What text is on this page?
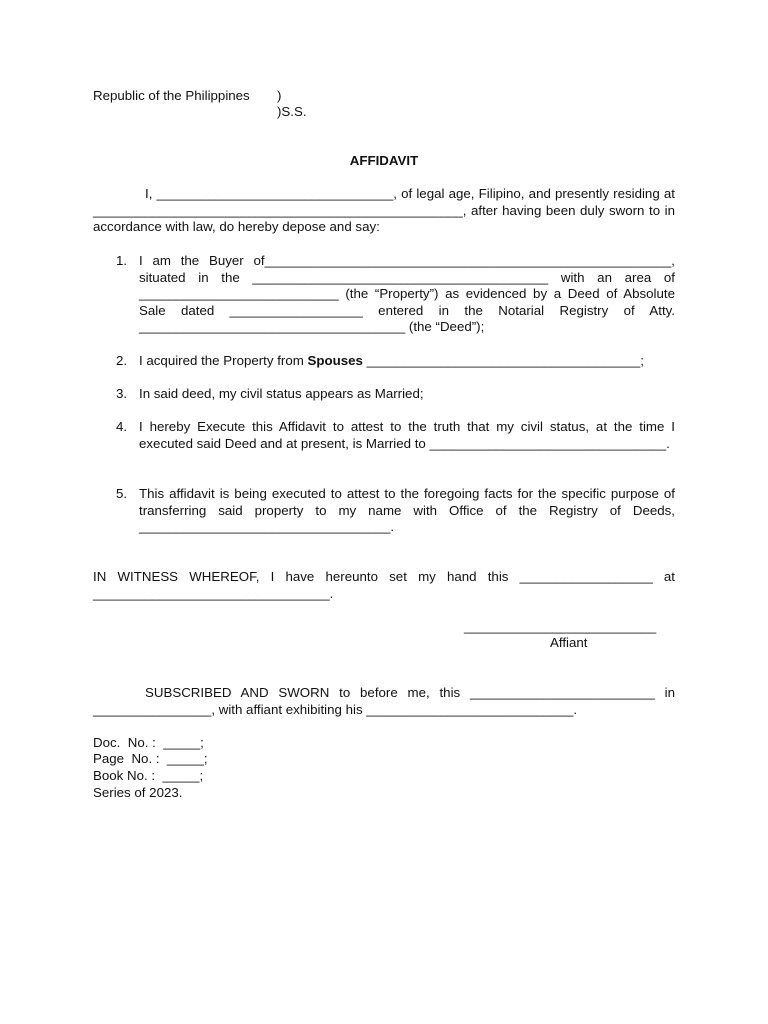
Republic of the Philippines )
)S.S.
AFFIDAVIT
I, ________________________________, of legal age, Filipino, and presently residing at __________________________________________________, after having been duly sworn to in accordance with law, do hereby depose and say:
1. I am the Buyer of_______________________________________________________, situated in the ________________________________________ with an area of ___________________________ (the “Property”) as evidenced by a Deed of Absolute Sale dated __________________ entered in the Notarial Registry of Atty. ____________________________________ (the “Deed”);
2. I acquired the Property from Spouses _____________________________________;
3. In said deed, my civil status appears as Married;
4. I hereby Execute this Affidavit to attest to the truth that my civil status, at the time I executed said Deed and at present, is Married to ________________________________.
5. This affidavit is being executed to attest to the foregoing facts for the specific purpose of transferring said property to my name with Office of the Registry of Deeds, __________________________________.
IN WITNESS WHEREOF, I have hereunto set my hand this __________________ at ________________________________.
__________________________
Affiant
SUBSCRIBED AND SWORN to before me, this _________________________ in ________________, with affiant exhibiting his ____________________________.
Doc.  No. :  _____;
Page  No. :  _____;
Book No. :  _____;
Series of 2023.
